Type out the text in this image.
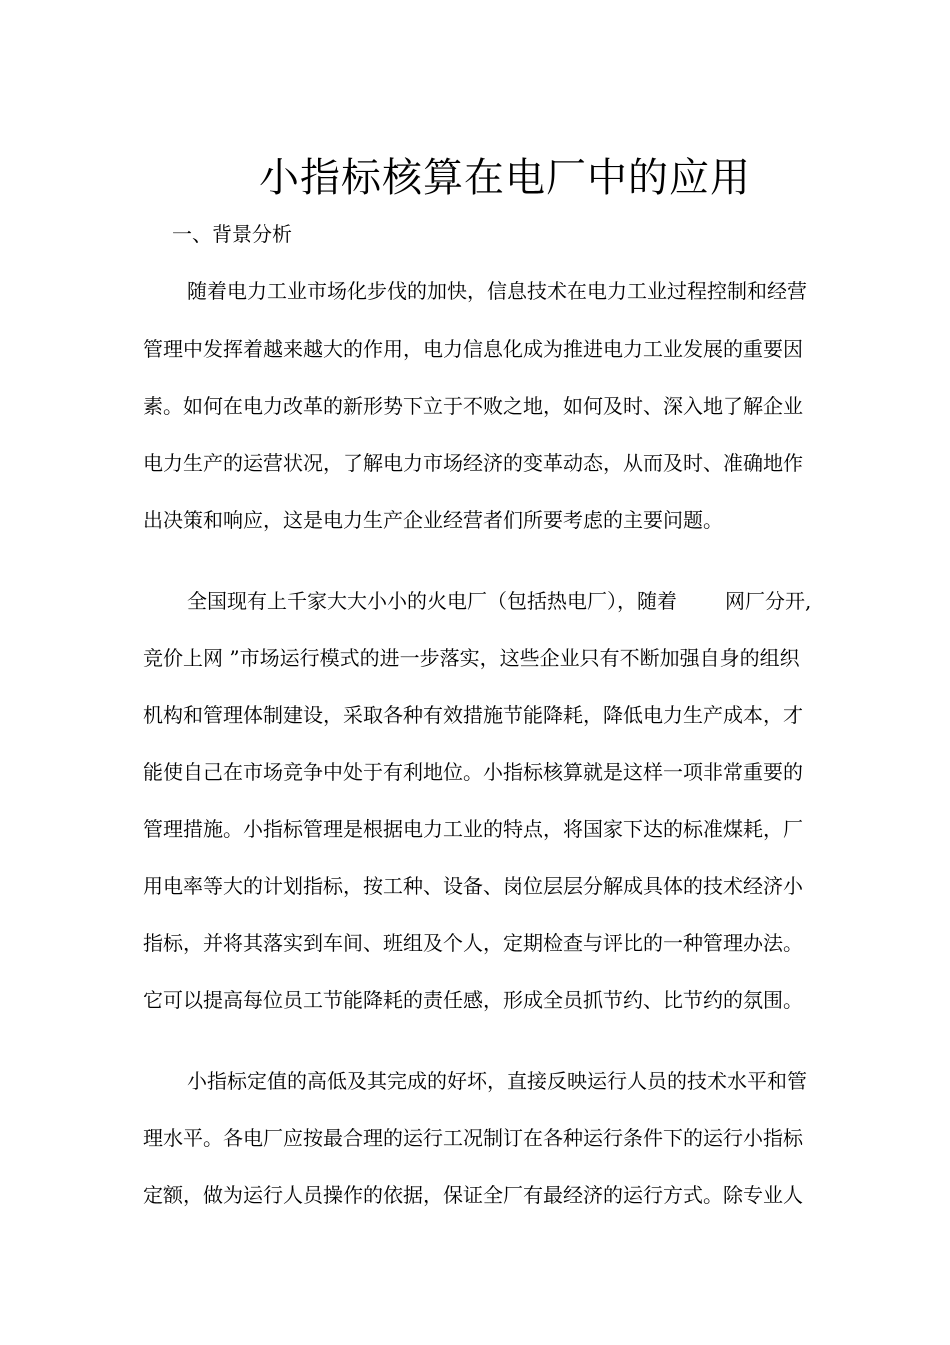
小指标核算在电厂中的应用
一、背景分析
随着电力工业市场化步伐的加快，信息技术在电力工业过程控制和经营
管理中发挥着越来越大的作用，电力信息化成为推进电力工业发展的重要因
素。如何在电力改革的新形势下立于不败之地，如何及时、深入地了解企业
电力生产的运营状况，了解电力市场经济的变革动态，从而及时、准确地作
出决策和响应，这是电力生产企业经营者们所要考虑的主要问题。
全国现有上千家大大小小的火电厂（包括热电厂），随着 网厂分开,
竞价上网 ”市场运行模式的进一步落实，这些企业只有不断加强自身的组织
机构和管理体制建设，采取各种有效措施节能降耗，降低电力生产成本，才
能使自己在市场竞争中处于有利地位。小指标核算就是这样一项非常重要的
管理措施。小指标管理是根据电力工业的特点，将国家下达的标准煤耗，厂
用电率等大的计划指标，按工种、设备、岗位层层分解成具体的技术经济小
指标，并将其落实到车间、班组及个人，定期检查与评比的一种管理办法。
它可以提高每位员工节能降耗的责任感，形成全员抓节约、比节约的氛围。
小指标定值的高低及其完成的好坏，直接反映运行人员的技术水平和管
理水平。各电厂应按最合理的运行工况制订在各种运行条件下的运行小指标
定额，做为运行人员操作的依据，保证全厂有最经济的运行方式。除专业人
